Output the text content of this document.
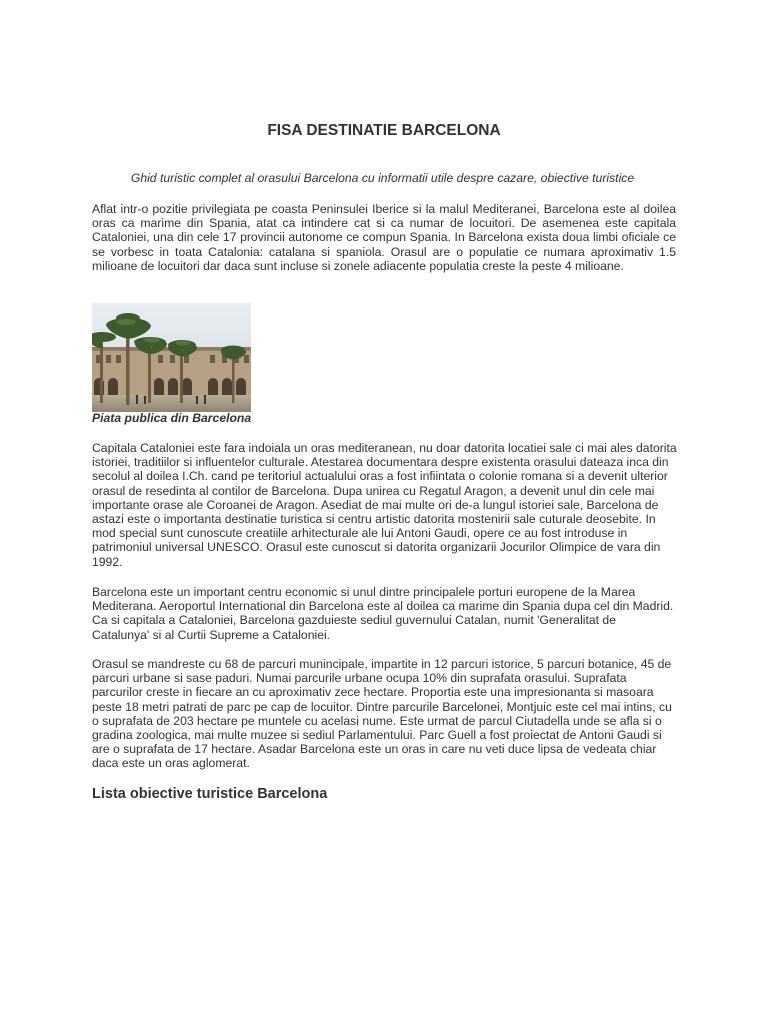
FISA DESTINATIE BARCELONA

Ghid turistic complet al orasului Barcelona cu informatii utile despre cazare, obiective turistice

Aflat intr-o pozitie privilegiata pe coasta Peninsulei Iberice si la malul Mediteranei, Barcelona este al doilea oras ca marime din Spania, atat ca intindere cat si ca numar de locuitori. De asemenea este capitala Cataloniei, una din cele 17 provincii autonome ce compun Spania. In Barcelona exista doua limbi oficiale ce se vorbesc in toata Catalonia: catalana si spaniola. Orasul are o populatie ce numara aproximativ 1.5 milioane de locuitori dar daca sunt incluse si zonele adiacente populatia creste la peste 4 milioane.

Piata publica din Barcelona

Capitala Cataloniei este fara indoiala un oras mediteranean, nu doar datorita locatiei sale ci mai ales datorita istoriei, traditiilor si influentelor culturale. Atestarea documentara despre existenta orasului dateaza inca din secolul al doilea I.Ch. cand pe teritoriul actualului oras a fost infiintata o colonie romana si a devenit ulterior orasul de resedinta al contilor de Barcelona. Dupa unirea cu Regatul Aragon, a devenit unul din cele mai importante orase ale Coroanei de Aragon. Asediat de mai multe ori de-a lungul istoriei sale, Barcelona de astazi este o importanta destinatie turistica si centru artistic datorita mostenirii sale cuturale deosebite. In mod special sunt cunoscute creatiile arhitecturale ale lui Antoni Gaudi, opere ce au fost introduse in patrimoniul universal UNESCO. Orasul este cunoscut si datorita organizarii Jocurilor Olimpice de vara din 1992.

Barcelona este un important centru economic si unul dintre principalele porturi europene de la Marea Mediterana. Aeroportul International din Barcelona este al doilea ca marime din Spania dupa cel din Madrid. Ca si capitala a Cataloniei, Barcelona gazduieste sediul guvernului Catalan, numit 'Generalitat de Catalunya' si al Curtii Supreme a Cataloniei.

Orasul se mandreste cu 68 de parcuri munincipale, impartite in 12 parcuri istorice, 5 parcuri botanice, 45 de parcuri urbane si sase paduri. Numai parcurile urbane ocupa 10% din suprafata orasului. Suprafata parcurilor creste in fiecare an cu aproximativ zece hectare. Proportia este una impresionanta si masoara peste 18 metri patrati de parc pe cap de locuitor. Dintre parcurile Barcelonei, Montjuic este cel mai intins, cu o suprafata de 203 hectare pe muntele cu acelasi nume. Este urmat de parcul Ciutadella unde se afla si o gradina zoologica, mai multe muzee si sediul Parlamentului. Parc Guell a fost proiectat de Antoni Gaudi si are o suprafata de 17 hectare. Asadar Barcelona este un oras in care nu veti duce lipsa de vedeata chiar daca este un oras aglomerat.

Lista obiective turistice Barcelona
